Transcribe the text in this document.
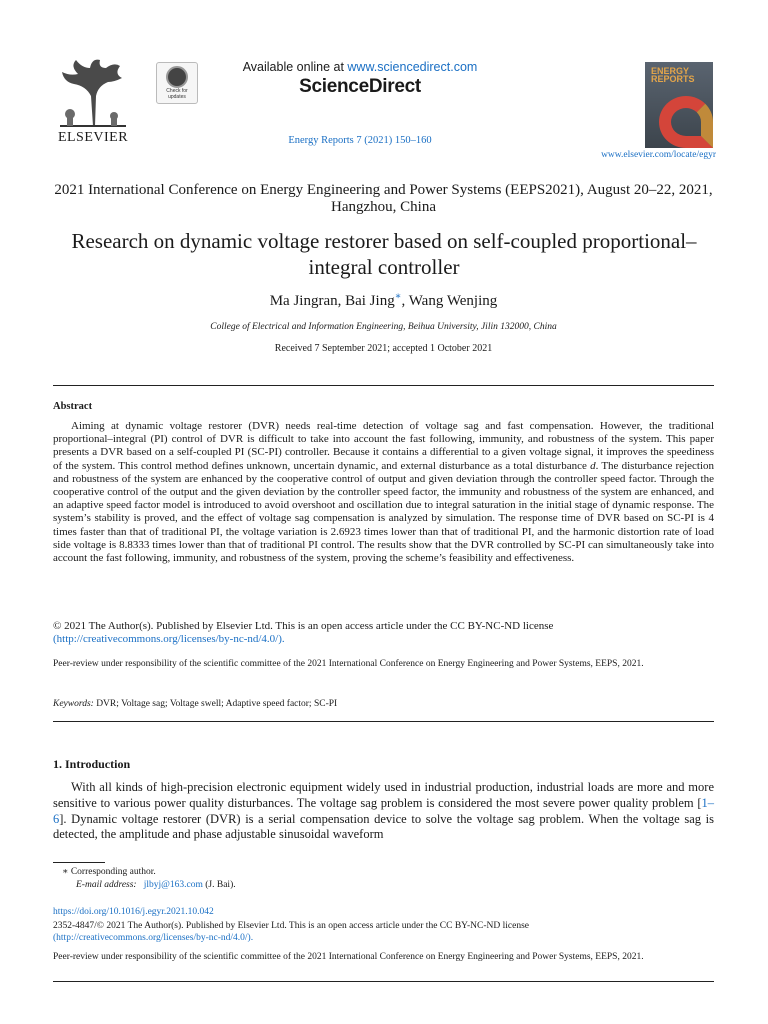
ELSEVIER
Check for
updates
Available online at www.sciencedirect.com
ScienceDirect
Energy Reports 7 (2021) 150–160
ENERGY
REPORTS
www.elsevier.com/locate/egyr
2021 International Conference on Energy Engineering and Power Systems (EEPS2021), August 20–22, 2021, Hangzhou, China
Research on dynamic voltage restorer based on self-coupled proportional–integral controller
Ma Jingran, Bai Jing∗, Wang Wenjing
College of Electrical and Information Engineering, Beihua University, Jilin 132000, China
Received 7 September 2021; accepted 1 October 2021
Abstract

Aiming at dynamic voltage restorer (DVR) needs real-time detection of voltage sag and fast compensation. However, the traditional proportional–integral (PI) control of DVR is difficult to take into account the fast following, immunity, and robustness of the system. This paper presents a DVR based on a self-coupled PI (SC-PI) controller. Because it contains a differential to a given voltage signal, it improves the speediness of the system. This control method defines unknown, uncertain dynamic, and external disturbance as a total disturbance d. The disturbance rejection and robustness of the system are enhanced by the cooperative control of output and given deviation through the controller speed factor. Through the cooperative control of the output and the given deviation by the controller speed factor, the immunity and robustness of the system are enhanced, and an adaptive speed factor model is introduced to avoid overshoot and oscillation due to integral saturation in the initial stage of dynamic response. The system’s stability is proved, and the effect of voltage sag compensation is analyzed by simulation. The response time of DVR based on SC-PI is 4 times faster than that of traditional PI, the voltage variation is 2.6923 times lower than that of traditional PI, and the harmonic distortion rate of load side voltage is 8.8333 times lower than that of traditional PI control. The results show that the DVR controlled by SC-PI can simultaneously take into account the fast following, immunity, and robustness of the system, proving the scheme’s feasibility and effectiveness.

© 2021 The Author(s). Published by Elsevier Ltd. This is an open access article under the CC BY-NC-ND license
(http://creativecommons.org/licenses/by-nc-nd/4.0/).
Peer-review under responsibility of the scientific committee of the 2021 International Conference on Energy Engineering and Power Systems, EEPS, 2021.
Keywords: DVR; Voltage sag; Voltage swell; Adaptive speed factor; SC-PI
1. Introduction

With all kinds of high-precision electronic equipment widely used in industrial production, industrial loads are more and more sensitive to various power quality disturbances. The voltage sag problem is considered the most severe power quality problem [1–6]. Dynamic voltage restorer (DVR) is a serial compensation device to solve the voltage sag problem. When the voltage sag is detected, the amplitude and phase adjustable sinusoidal waveform

∗ Corresponding author.
E-mail address: jlbyj@163.com (J. Bai).
https://doi.org/10.1016/j.egyr.2021.10.042
2352-4847/© 2021 The Author(s). Published by Elsevier Ltd. This is an open access article under the CC BY-NC-ND license
(http://creativecommons.org/licenses/by-nc-nd/4.0/).
Peer-review under responsibility of the scientific committee of the 2021 International Conference on Energy Engineering and Power Systems, EEPS, 2021.
